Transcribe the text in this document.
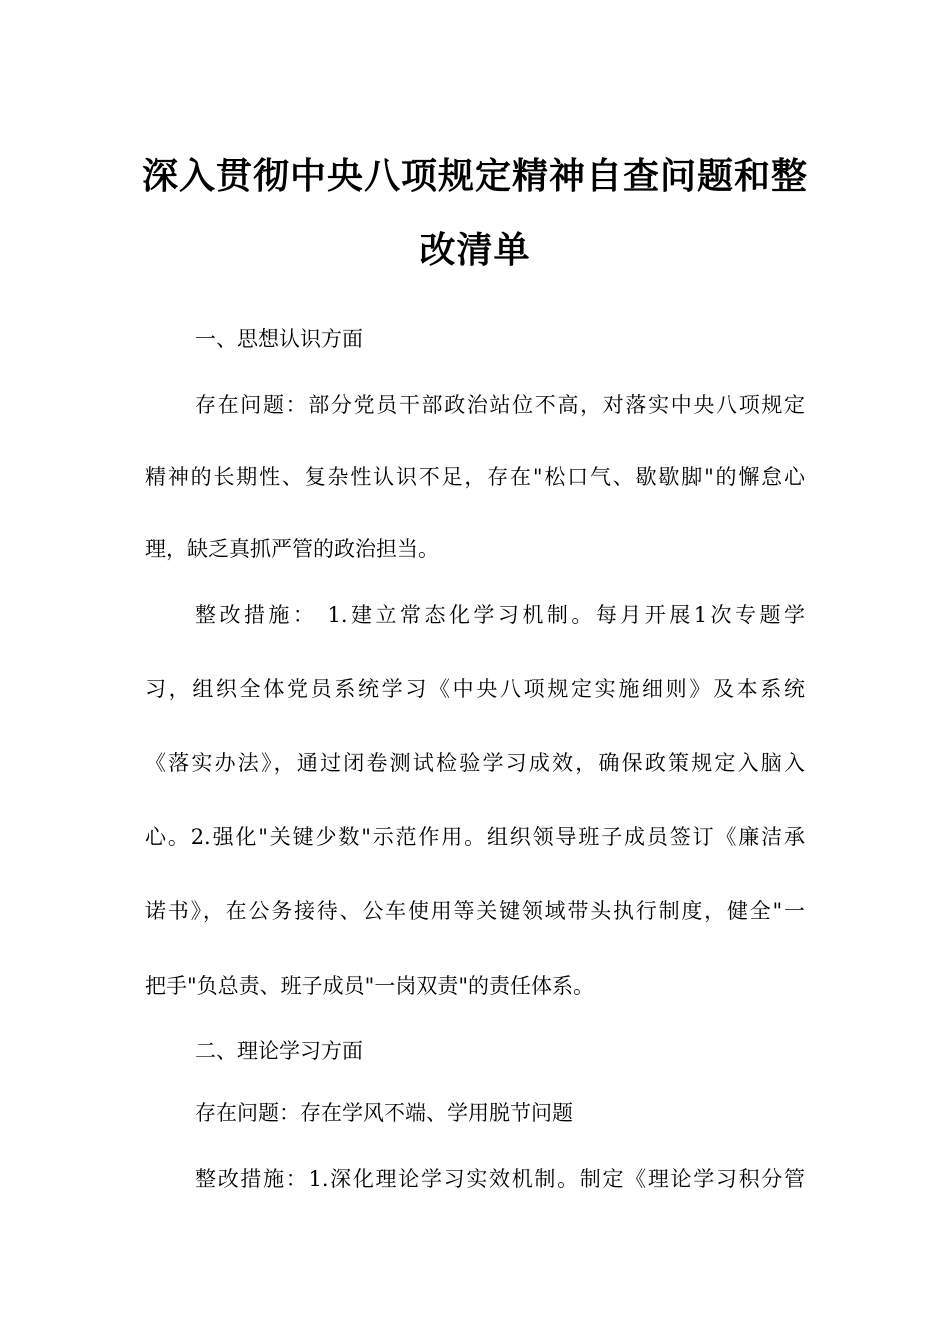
深入贯彻中央八项规定精神自查问题和整
改清单
一、思想认识方面
存在问题：部分党员干部政治站位不高，对落实中央八项规定
精神的长期性、复杂性认识不足，存在"松口气、歇歇脚"的懈怠心
理，缺乏真抓严管的政治担当。
整改措施： 1.建立常态化学习机制。每月开展1次专题学
习，组织全体党员系统学习《中央八项规定实施细则》及本系统
《落实办法》，通过闭卷测试检验学习成效，确保政策规定入脑入
心。2.强化"关键少数"示范作用。组织领导班子成员签订《廉洁承
诺书》，在公务接待、公车使用等关键领域带头执行制度，健全"一
把手"负总责、班子成员"一岗双责"的责任体系。
二、理论学习方面
存在问题：存在学风不端、学用脱节问题
整改措施：1.深化理论学习实效机制。制定《理论学习积分管
